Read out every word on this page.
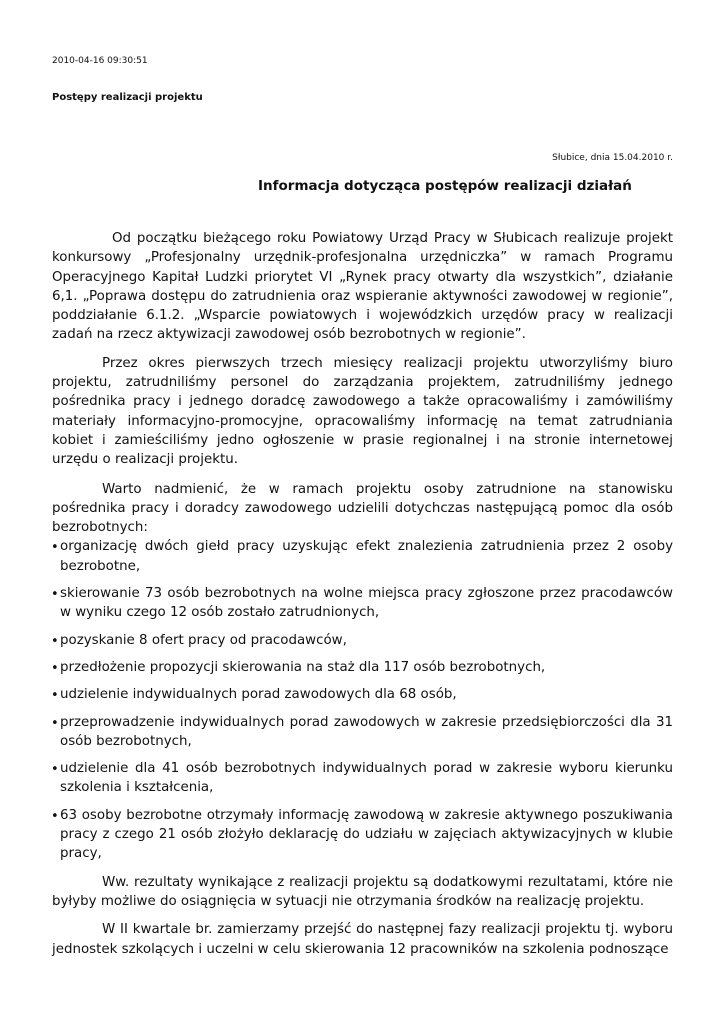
2010-04-16 09:30:51
Postępy realizacji projektu
Słubice, dnia 15.04.2010 r.
Informacja dotycząca postępów realizacji działań

Od początku bieżącego roku Powiatowy Urząd Pracy w Słubicach realizuje projekt konkursowy „Profesjonalny urzędnik-profesjonalna urzędniczka” w ramach Programu Operacyjnego Kapitał Ludzki priorytet VI „Rynek pracy otwarty dla wszystkich”, działanie 6,1. „Poprawa dostępu do zatrudnienia oraz wspieranie aktywności zawodowej w regionie”, poddziałanie 6.1.2. „Wsparcie powiatowych i wojewódzkich urzędów pracy w realizacji zadań na rzecz aktywizacji zawodowej osób bezrobotnych w regionie”.

Przez okres pierwszych trzech miesięcy realizacji projektu utworzyliśmy biuro projektu, zatrudniliśmy personel do zarządzania projektem, zatrudniliśmy jednego pośrednika pracy i jednego doradcę zawodowego a także opracowaliśmy i zamówiliśmy materiały informacyjno-promocyjne, opracowaliśmy informację na temat zatrudniania kobiet i zamieściliśmy jedno ogłoszenie w prasie regionalnej i na stronie internetowej urzędu o realizacji projektu.

Warto nadmienić, że w ramach projektu osoby zatrudnione na stanowisku pośrednika pracy i doradcy zawodowego udzielili dotychczas następującą pomoc dla osób bezrobotnych:

• organizację dwóch giełd pracy uzyskując efekt znalezienia zatrudnienia przez 2 osoby bezrobotne,
• skierowanie 73 osób bezrobotnych na wolne miejsca pracy zgłoszone przez pracodawców w wyniku czego 12 osób zostało zatrudnionych,
• pozyskanie 8 ofert pracy od pracodawców,
• przedłożenie propozycji skierowania na staż dla 117 osób bezrobotnych,
• udzielenie indywidualnych porad zawodowych dla 68 osób,
• przeprowadzenie indywidualnych porad zawodowych w zakresie przedsiębiorczości dla 31 osób bezrobotnych,
• udzielenie dla 41 osób bezrobotnych indywidualnych porad w zakresie wyboru kierunku szkolenia i kształcenia,
• 63 osoby bezrobotne otrzymały informację zawodową w zakresie aktywnego poszukiwania pracy z czego 21 osób złożyło deklarację do udziału w zajęciach aktywizacyjnych w klubie pracy,

Ww. rezultaty wynikające z realizacji projektu są dodatkowymi rezultatami, które nie byłyby możliwe do osiągnięcia w sytuacji nie otrzymania środków na realizację projektu.

W II kwartale br. zamierzamy przejść do następnej fazy realizacji projektu tj. wyboru jednostek szkolących i uczelni w celu skierowania 12 pracowników na szkolenia podnoszące
